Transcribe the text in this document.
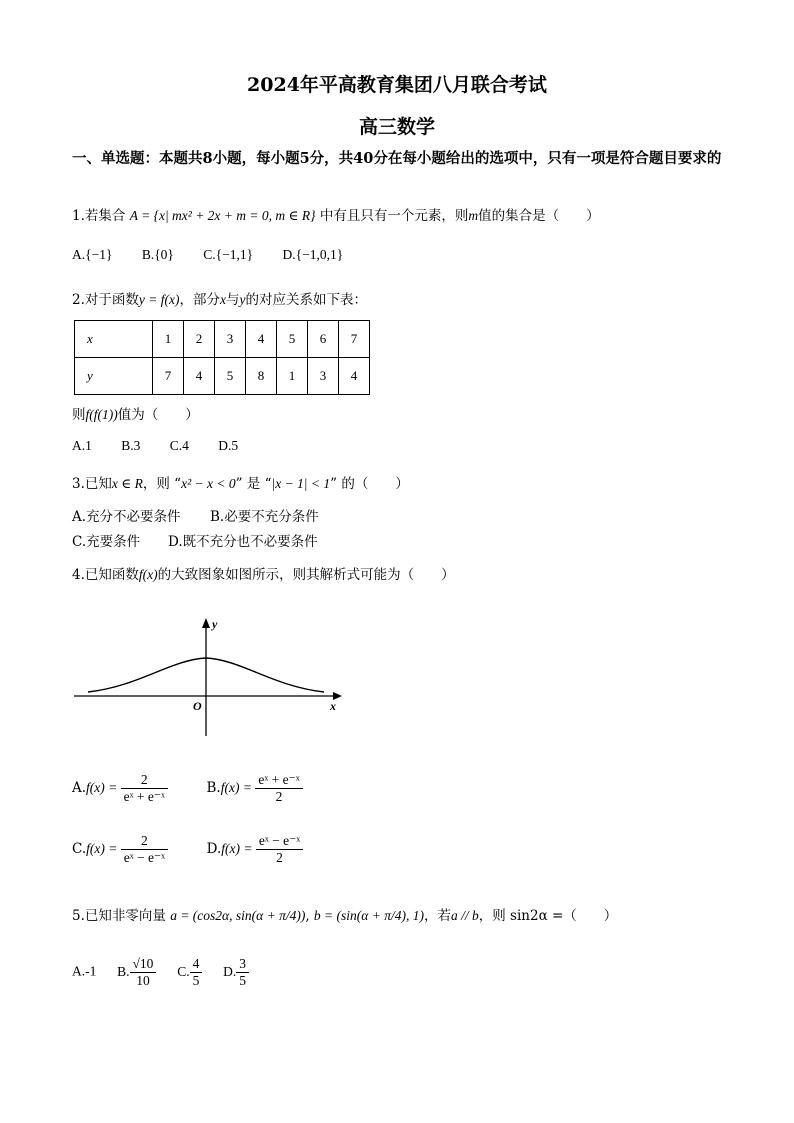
2024年平高教育集团八月联合考试
高三数学
一、单选题：本题共8小题，每小题5分，共40分在每小题给出的选项中，只有一项是符合题目要求的
1.若集合 A = {x| mx² + 2x + m = 0, m ∈ R} 中有且只有一个元素，则m值的集合是（　　）
A.{−1} B.{0} C.{−1,1} D.{−1,0,1}
2.对于函数y = f(x)，部分x与y的对应关系如下表：
x	1	2	3	4	5	6	7
y	7	4	5	8	1	3	4
则f(f(1))值为（　　）
A.1 B.3 C.4 D.5
3.已知x ∈ R，则 “x² − x < 0” 是 “|x − 1| < 1” 的（　　）
A.充分不必要条件 B.必要不充分条件
C.充要条件 D.既不充分也不必要条件
4.已知函数f(x)的大致图象如图所示，则其解析式可能为（　　）
y
x
O
$A.f(x) = \frac{2}{\text{eˣ + e⁻ˣ}}$	$B.f(x) = \frac{\text{eˣ + e⁻ˣ}}{2}$
$C.f(x) = \frac{2}{\text{eˣ − e⁻ˣ}}$	$D.f(x) = \frac{\text{eˣ − e⁻ˣ}}{2}$
5.已知非零向量 a = (cos2α, sin(α + π/4)), b = (sin(α + π/4), 1)，若a // b，则 sin2α =（　　）
A.-1 B. $\frac{√10}{10} C$. $\frac{4}{5} D$. $\frac{3}{5}$
